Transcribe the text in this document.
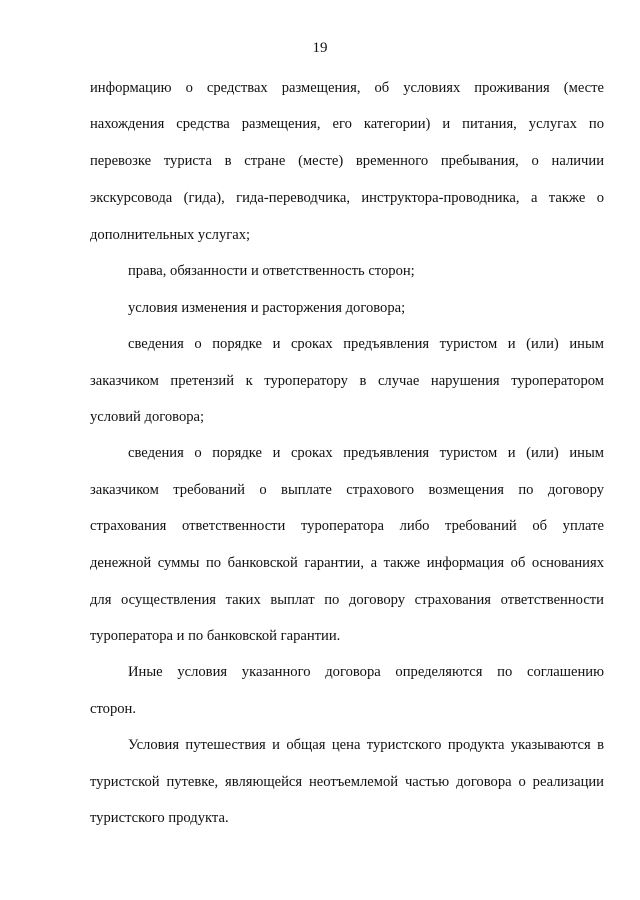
19
информацию о средствах размещения, об условиях проживания (месте
нахождения средства размещения, его категории) и питания, услугах по
перевозке туриста в стране (месте) временного пребывания, о наличии
экскурсовода (гида), гида-переводчика, инструктора-проводника, а также о
дополнительных услугах;
права, обязанности и ответственность сторон;
условия изменения и расторжения договора;
сведения о порядке и сроках предъявления туристом и (или) иным
заказчиком претензий к туроператору в случае нарушения туроператором
условий договора;
сведения о порядке и сроках предъявления туристом и (или) иным
заказчиком требований о выплате страхового возмещения по договору
страхования ответственности туроператора либо требований об уплате
денежной суммы по банковской гарантии, а также информация об основаниях
для осуществления таких выплат по договору страхования ответственности
туроператора и по банковской гарантии.
Иные условия указанного договора определяются по соглашению
сторон.
Условия путешествия и общая цена туристского продукта указываются в
туристской путевке, являющейся неотъемлемой частью договора о реализации
туристского продукта.
